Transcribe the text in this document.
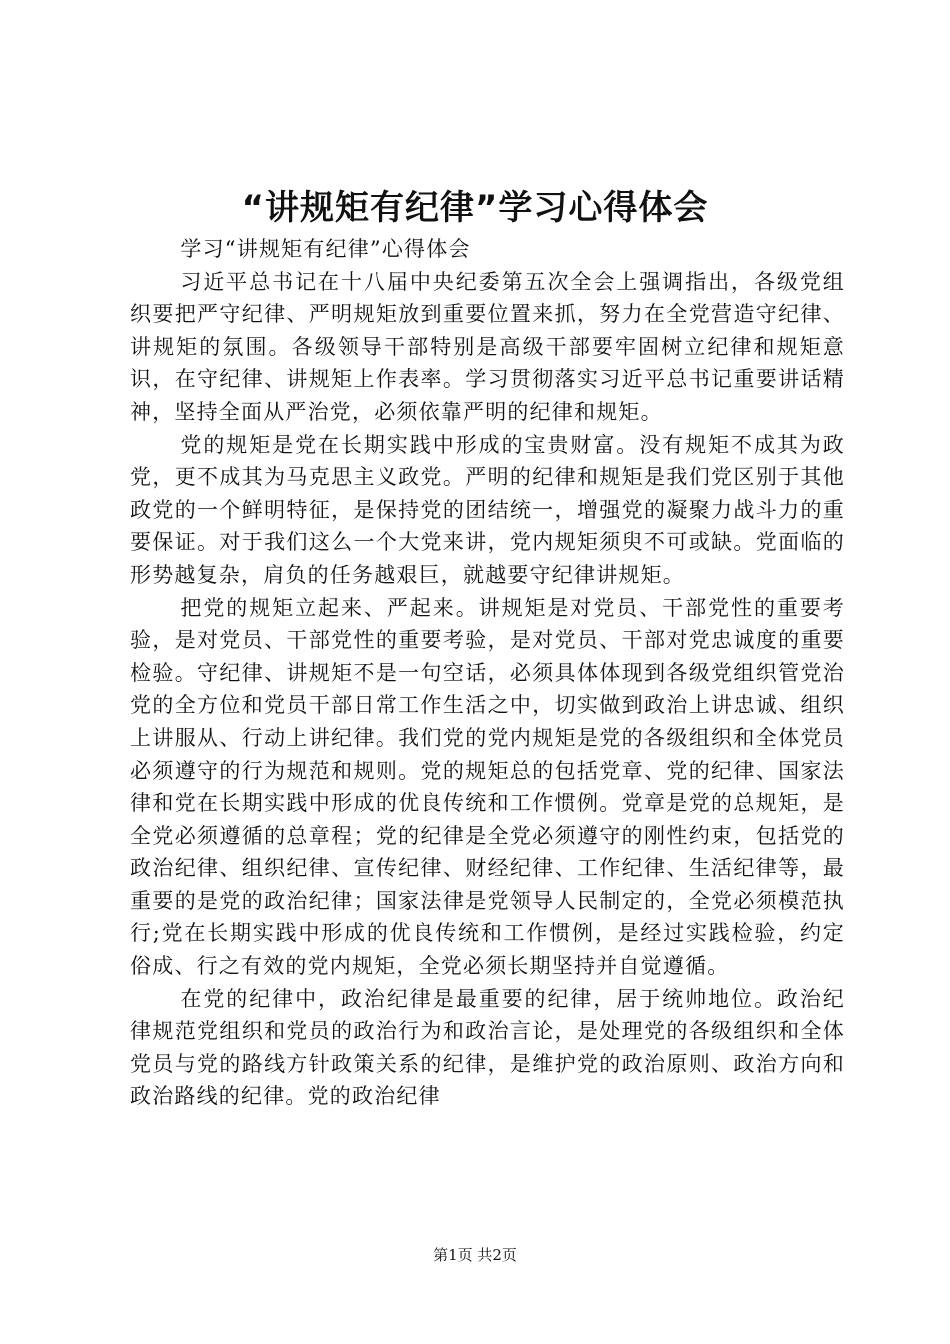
“讲规矩有纪律”学习心得体会

学习“讲规矩有纪律”心得体会

习近平总书记在十八届中央纪委第五次全会上强调指出，各级党组织要把严守纪律、严明规矩放到重要位置来抓，努力在全党营造守纪律、讲规矩的氛围。各级领导干部特别是高级干部要牢固树立纪律和规矩意识，在守纪律、讲规矩上作表率。学习贯彻落实习近平总书记重要讲话精神，坚持全面从严治党，必须依靠严明的纪律和规矩。

党的规矩是党在长期实践中形成的宝贵财富。没有规矩不成其为政党，更不成其为马克思主义政党。严明的纪律和规矩是我们党区别于其他政党的一个鲜明特征，是保持党的团结统一，增强党的凝聚力战斗力的重要保证。对于我们这么一个大党来讲，党内规矩须臾不可或缺。党面临的形势越复杂，肩负的任务越艰巨，就越要守纪律讲规矩。

把党的规矩立起来、严起来。讲规矩是对党员、干部党性的重要考验，是对党员、干部党性的重要考验，是对党员、干部对党忠诚度的重要检验。守纪律、讲规矩不是一句空话，必须具体体现到各级党组织管党治党的全方位和党员干部日常工作生活之中，切实做到政治上讲忠诚、组织上讲服从、行动上讲纪律。我们党的党内规矩是党的各级组织和全体党员必须遵守的行为规范和规则。党的规矩总的包括党章、党的纪律、国家法律和党在长期实践中形成的优良传统和工作惯例。党章是党的总规矩，是全党必须遵循的总章程；党的纪律是全党必须遵守的刚性约束，包括党的政治纪律、组织纪律、宣传纪律、财经纪律、工作纪律、生活纪律等，最重要的是党的政治纪律；国家法律是党领导人民制定的，全党必须模范执行;党在长期实践中形成的优良传统和工作惯例，是经过实践检验，约定俗成、行之有效的党内规矩，全党必须长期坚持并自觉遵循。

在党的纪律中，政治纪律是最重要的纪律，居于统帅地位。政治纪律规范党组织和党员的政治行为和政治言论，是处理党的各级组织和全体党员与党的路线方针政策关系的纪律，是维护党的政治原则、政治方向和政治路线的纪律。党的政治纪律

第1页 共2页
